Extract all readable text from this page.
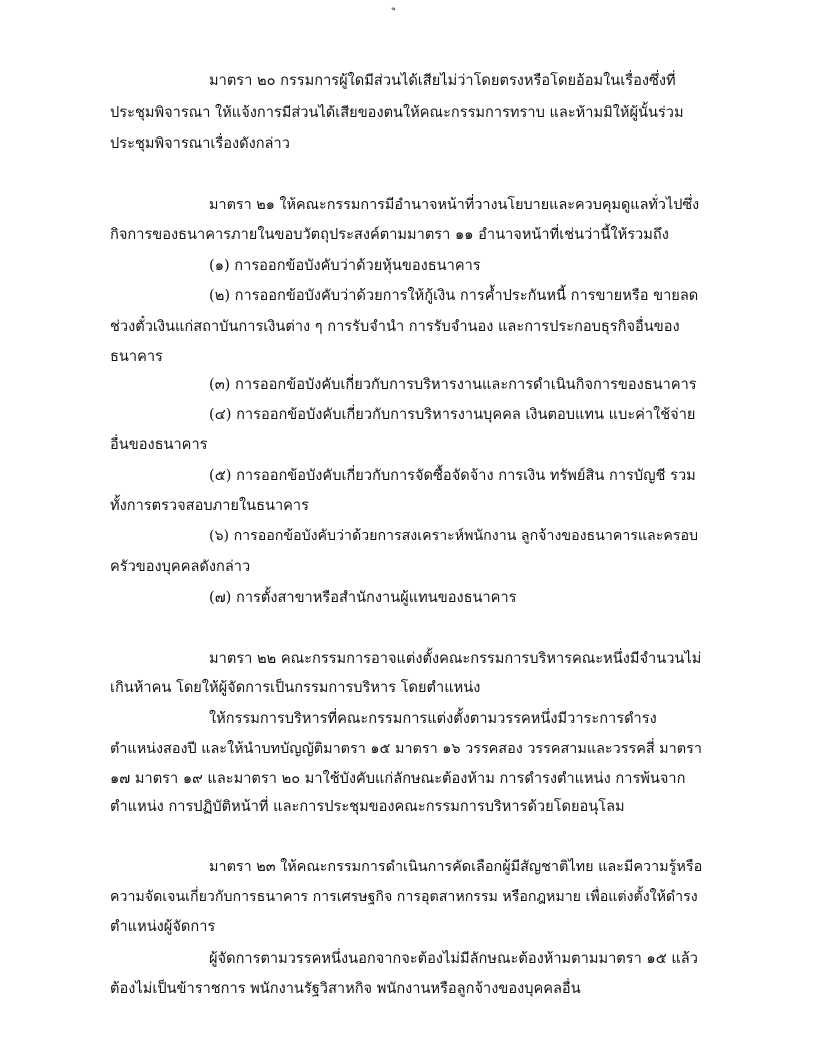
มาตรา ๒๐ กรรมการผู้ใดมีส่วนได้เสียไม่ว่าโดยตรงหรือโดยอ้อมในเรื่องซึ่งที่

ประชุมพิจารณา ให้แจ้งการมีส่วนได้เสียของตนให้คณะกรรมการทราบ และห้ามมิให้ผู้นั้นร่วม

ประชุมพิจารณาเรื่องดังกล่าว

มาตรา ๒๑ ให้คณะกรรมการมีอำนาจหน้าที่วางนโยบายและควบคุมดูแลทั่วไปซึ่ง

กิจการของธนาคารภายในขอบวัตถุประสงค์ตามมาตรา ๑๑ อำนาจหน้าที่เช่นว่านี้ให้รวมถึง

(๑) การออกข้อบังคับว่าด้วยหุ้นของธนาคาร

(๒) การออกข้อบังคับว่าด้วยการให้กู้เงิน การค้ำประกันหนี้ การขายหรือ ขายลด

ช่วงตั๋วเงินแก่สถาบันการเงินต่าง ๆ การรับจำนำ การรับจำนอง และการประกอบธุรกิจอื่นของ

ธนาคาร

(๓) การออกข้อบังคับเกี่ยวกับการบริหารงานและการดำเนินกิจการของธนาคาร

(๔) การออกข้อบังคับเกี่ยวกับการบริหารงานบุคคล เงินตอบแทน แบะค่าใช้จ่าย

อื่นของธนาคาร

(๕) การออกข้อบังคับเกี่ยวกับการจัดซื้อจัดจ้าง การเงิน ทรัพย์สิน การบัญชี รวม

ทั้งการตรวจสอบภายในธนาคาร

(๖) การออกข้อบังคับว่าด้วยการสงเคราะห์พนักงาน ลูกจ้างของธนาคารและครอบ

ครัวของบุคคลดังกล่าว

(๗) การตั้งสาขาหรือสำนักงานผู้แทนของธนาคาร

มาตรา ๒๒ คณะกรรมการอาจแต่งตั้งคณะกรรมการบริหารคณะหนึ่งมีจำนวนไม่

เกินห้าคน โดยให้ผู้จัดการเป็นกรรมการบริหาร โดยตำแหน่ง

ให้กรรมการบริหารที่คณะกรรมการแต่งตั้งตามวรรคหนึ่งมีวาระการดำรง

ตำแหน่งสองปี และให้นำบทบัญญัติมาตรา ๑๕ มาตรา ๑๖ วรรคสอง วรรคสามและวรรคสี่ มาตรา

๑๗ มาตรา ๑๙ และมาตรา ๒๐ มาใช้บังคับแก่ลักษณะต้องห้าม การดำรงตำแหน่ง การพ้นจาก

ตำแหน่ง การปฏิบัติหน้าที่ และการประชุมของคณะกรรมการบริหารด้วยโดยอนุโลม

มาตรา ๒๓ ให้คณะกรรมการดำเนินการคัดเลือกผู้มีสัญชาติไทย และมีความรู้หรือ

ความจัดเจนเกี่ยวกับการธนาคาร การเศรษฐกิจ การอุตสาหกรรม หรือกฎหมาย เพื่อแต่งตั้งให้ดำรง

ตำแหน่งผู้จัดการ

ผู้จัดการตามวรรคหนึ่งนอกจากจะต้องไม่มีลักษณะต้องห้ามตามมาตรา ๑๕ แล้ว

ต้องไม่เป็นข้าราชการ พนักงานรัฐวิสาหกิจ พนักงานหรือลูกจ้างของบุคคลอื่น
